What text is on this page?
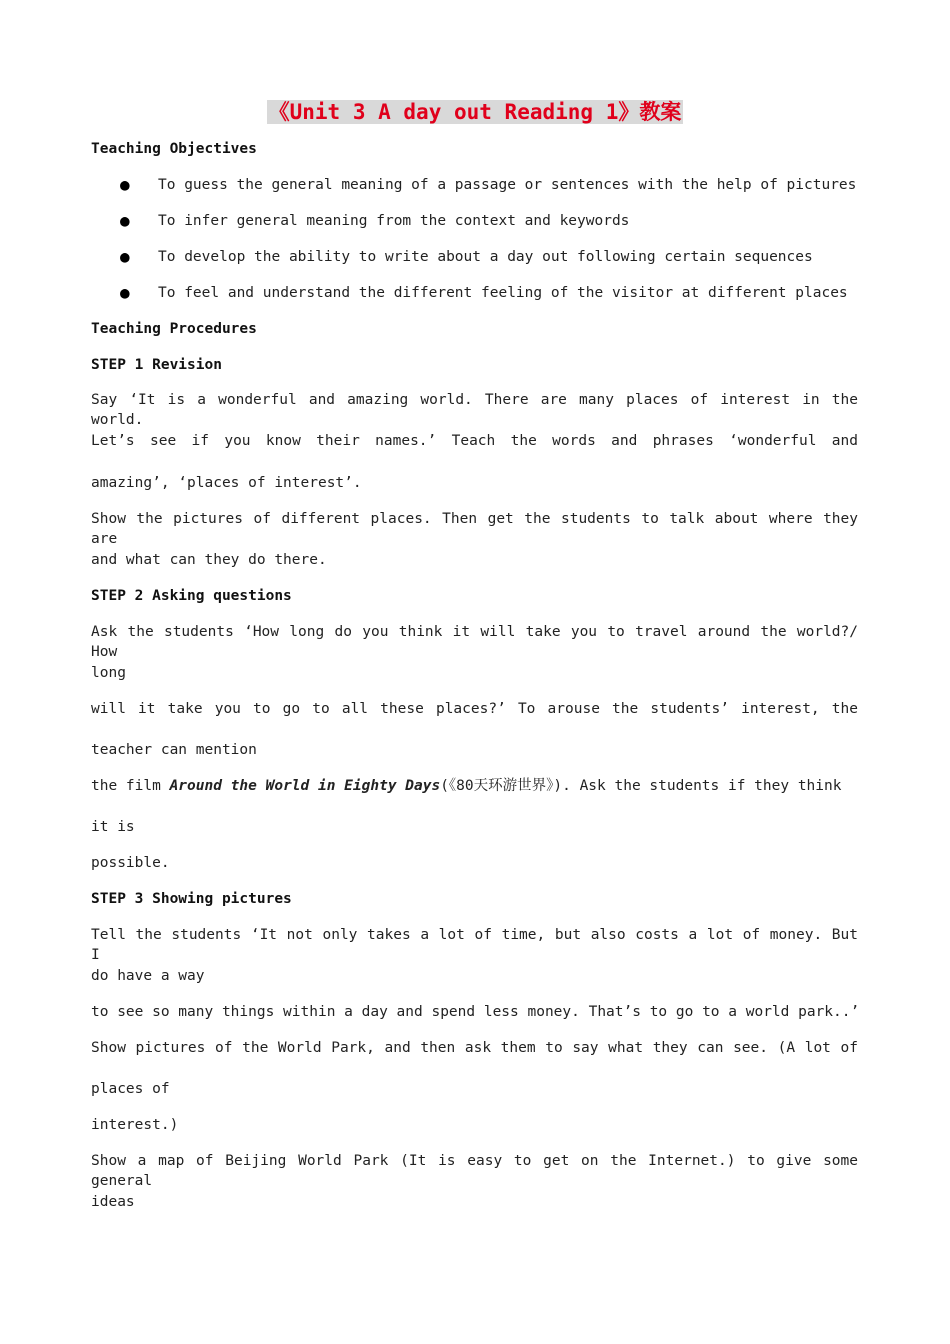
《Unit 3 A day out Reading 1》教案
Teaching Objectives
● To guess the general meaning of a passage or sentences with the help of pictures
● To infer general meaning from the context and keywords
● To develop the ability to write about a day out following certain sequences
● To feel and understand the different feeling of the visitor at different places
Teaching Procedures
STEP 1 Revision
Say ‘It is a wonderful and amazing world. There are many places of interest in the world.
Let’s see if you know their names.’ Teach the words and phrases ‘wonderful and
amazing’, ‘places of interest’.
Show the pictures of different places. Then get the students to talk about where they are
and what can they do there.
STEP 2 Asking questions
Ask the students ‘How long do you think it will take you to travel around the world?/ How
long
will it take you to go to all these places?’ To arouse the students’ interest, the
teacher can mention
the film Around the World in Eighty Days(《80天环游世界》). Ask the students if they think
it is
possible.
STEP 3 Showing pictures
Tell the students ‘It not only takes a lot of time, but also costs a lot of money. But I
do have a way
to see so many things within a day and spend less money. That’s to go to a world park..’
Show pictures of the World Park, and then ask them to say what they can see. (A lot of
places of
interest.)
Show a map of Beijing World Park (It is easy to get on the Internet.) to give some general
ideas
